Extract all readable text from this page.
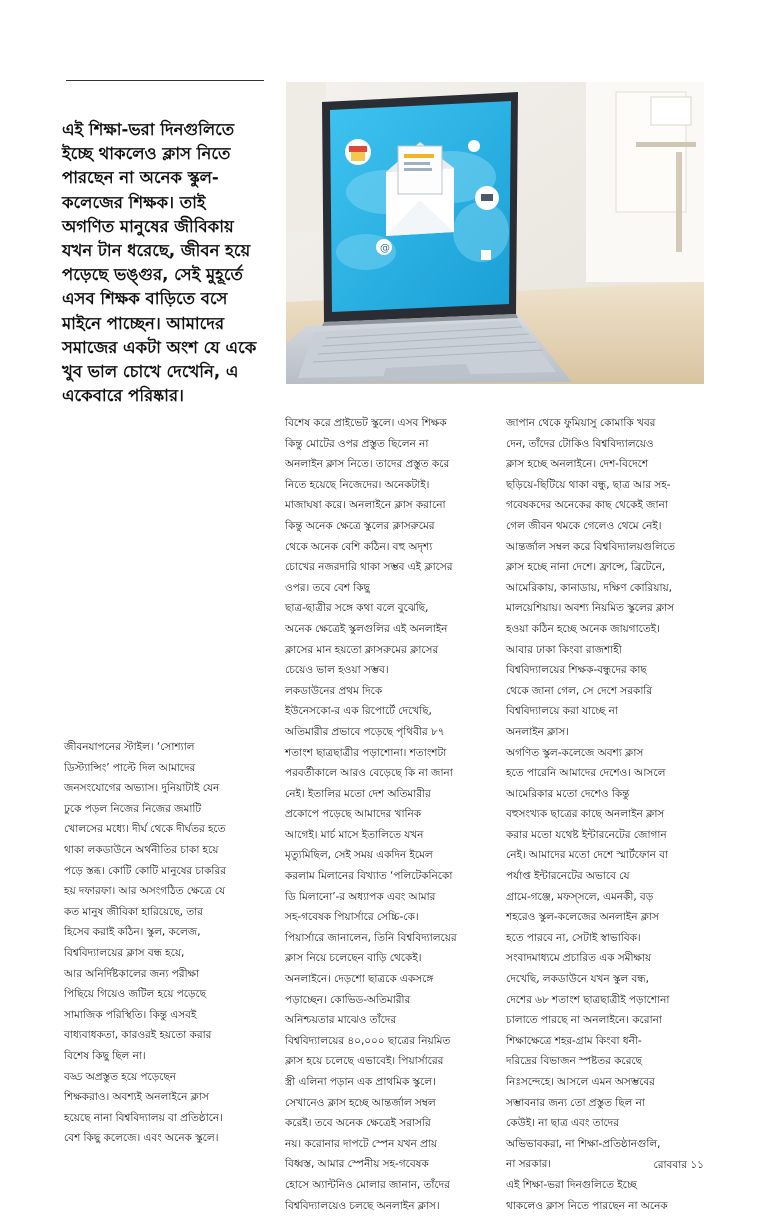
এই শিক্ষা-ভরা দিনগুলিতে
ইচ্ছে থাকলেও ক্লাস নিতে
পারছেন না অনেক স্কুল-
কলেজের শিক্ষক। তাই
অগণিত মানুষের জীবিকায়
যখন টান ধরেছে, জীবন হয়ে
পড়েছে ভঙ্গুর, সেই মুহূর্তে
এসব শিক্ষক বাড়িতে বসে
মাইনে পাচ্ছেন। আমাদের
সমাজের একটা অংশ যে একে
খুব ভাল চোখে দেখেনি, এ
একেবারে পরিষ্কার।

@

জীবনযাপনের স্টাইল। ‘সোশ্যাল
ডিস্ট্যান্সিং’ পাল্টে দিল আমাদের
জনসংযোগের অভ্যাস। দুনিয়াটাই যেন
ঢুকে পড়ল নিজের নিজের জমাটি
খোলসের মধ্যে। দীর্ঘ থেকে দীর্ঘতর হতে
থাকা লকডাউনে অর্থনীতির চাকা হয়ে
পড়ে স্তব্ধ। কোটি কোটি মানুষের চাকরির
হয় দফারফা। আর অসংগঠিত ক্ষেত্রে যে
কত মানুষ জীবিকা হারিয়েছে, তার
হিসেব করাই কঠিন। স্কুল, কলেজ,
বিশ্ববিদ্যালয়ের ক্লাস বন্ধ হয়ে,
আর অনির্দিষ্টকালের জন্য পরীক্ষা
পিছিয়ে গিয়েও জটিল হয়ে পড়েছে
সামাজিক পরিস্থিতি। কিন্তু এসবই
বাধ্যবাধকতা, কারওরই হয়তো করার
বিশেষ কিছু ছিল না।
বড্ড অপ্রস্তুত হয়ে পড়েছেন
শিক্ষকরাও। অবশ্যই অনলাইনে ক্লাস
হয়েছে নানা বিশ্ববিদ্যালয় বা প্রতিষ্ঠানে।
বেশ কিছু কলেজে। এবং অনেক স্কুলে।

বিশেষ করে প্রাইভেট স্কুলে। এসব শিক্ষক
কিন্তু মোটের ওপর প্রস্তুত ছিলেন না
অনলাইন ক্লাস নিতে। তাদের প্রস্তুত করে
নিতে হয়েছে নিজেদের। অনেকটাই।
মাজাঘষা করে। অনলাইনে ক্লাস করানো
কিন্তু অনেক ক্ষেত্রে স্কুলের ক্লাসরুমের
থেকে অনেক বেশি কঠিন। বহু অদৃশ্য
চোখের নজরদারি থাকা সম্ভব এই ক্লাসের
ওপর। তবে বেশ কিছু
ছাত্র-ছাত্রীর সঙ্গে কথা বলে বুঝেছি,
অনেক ক্ষেত্রেই স্কুলগুলির এই অনলাইন
ক্লাসের মান হয়তো ক্লাসরুমের ক্লাসের
চেয়েও ভাল হওয়া সম্ভব।
লকডাউনের প্রথম দিকে
ইউনেসকো-র এক রিপোর্টে দেখেছি,
অতিমারীর প্রভাবে পড়েছে পৃথিবীর ৮৭
শতাংশ ছাত্রছাত্রীর পড়াশোনা। শতাংশটা
পরবর্তীকালে আরও বেড়েছে কি না জানা
নেই। ইতালির মতো দেশ অতিমারীর
প্রকোপে পড়েছে আমাদের খানিক
আগেই। মার্চ মাসে ইতালিতে যখন
মৃত্যুমিছিল, সেই সময় একদিন ইমেল
করলাম মিলানের বিখ্যাত ‘পলিটেকনিকো
ডি মিলানো’-র অধ্যাপক এবং আমার
সহ-গবেষক পিয়ার্সারে সেচ্চি-কে।
পিয়ার্সারে জানালেন, তিনি বিশ্ববিদ্যালয়ের
ক্লাস নিয়ে চলেছেন বাড়ি থেকেই।
অনলাইনে। দেড়শো ছাত্রকে একসঙ্গে
পড়াচ্ছেন। কোভিড-অতিমারীর
অনিশ্চয়তার মাঝেও তাঁদের
বিশ্ববিদ্যালয়ের ৪০,০০০ ছাত্রের নিয়মিত
ক্লাস হয়ে চলেছে এভাবেই। পিয়ার্সারের
স্ত্রী এলিনা পড়ান এক প্রাথমিক স্কুলে।
সেখানেও ক্লাস হচ্ছে আন্তর্জাল সম্বল
করেই। তবে অনেক ক্ষেত্রেই সরাসরি
নয়। করোনার দাপটে স্পেন যখন প্রায়
বিধ্বস্ত, আমার স্পেনীয় সহ-গবেষক
হোসে অ্যান্টনিও মোলার জানান, তাঁদের
বিশ্ববিদ্যালয়েও চলছে অনলাইন ক্লাস।

জাপান থেকে ফুমিয়াসু কোমাকি খবর
দেন, তাঁদের টোকিও বিশ্ববিদ্যালয়েও
ক্লাস হচ্ছে অনলাইনে। দেশ-বিদেশে
ছড়িয়ে-ছিটিয়ে থাকা বন্ধু, ছাত্র আর সহ-
গবেষকদের অনেকের কাছ থেকেই জানা
গেল জীবন থমকে গেলেও থেমে নেই।
আন্তর্জাল সম্বল করে বিশ্ববিদ্যালয়গুলিতে
ক্লাস হচ্ছে নানা দেশে। ফ্রান্সে, ব্রিটেনে,
আমেরিকায়, কানাডায়, দক্ষিণ কোরিয়ায়,
মালয়েশিয়ায়। অবশ্য নিয়মিত স্কুলের ক্লাস
হওয়া কঠিন হচ্ছে অনেক জায়গাতেই।
আবার ঢাকা কিংবা রাজশাহী
বিশ্ববিদ্যালয়ের শিক্ষক-বন্ধুদের কাছ
থেকে জানা গেল, সে দেশে সরকারি
বিশ্ববিদ্যালয়ে করা যাচ্ছে না
অনলাইন ক্লাস।
অগণিত স্কুল-কলেজে অবশ্য ক্লাস
হতে পারেনি আমাদের দেশেও। আসলে
আমেরিকার মতো দেশেও কিন্তু
বহুসংখ্যক ছাত্রের কাছে অনলাইন ক্লাস
করার মতো যথেষ্ট ইন্টারনেটের জোগান
নেই। আমাদের মতো দেশে স্মার্টফোন বা
পর্যাপ্ত ইন্টারনেটের অভাবে যে
গ্রামে-গঞ্জে, মফস্সলে, এমনকী, বড়
শহরেও স্কুল-কলেজের অনলাইন ক্লাস
হতে পারবে না, সেটাই স্বাভাবিক।
সংবাদমাধ্যমে প্রচারিত এক সমীক্ষায়
দেখেছি, লকডাউনে যখন স্কুল বন্ধ,
দেশের ৬৮ শতাংশ ছাত্রছাত্রীই পড়াশোনা
চালাতে পারছে না অনলাইনে। করোনা
শিক্ষাক্ষেত্রে শহর-গ্রাম কিংবা ধনী-
দরিদ্রের বিভাজন স্পষ্টতর করেছে
নিঃসন্দেহে। আসলে এমন অসম্ভবের
সম্ভাবনার জন্য তো প্রস্তুত ছিল না
কেউই। না ছাত্র এবং তাদের
অভিভাবকরা, না শিক্ষা-প্রতিষ্ঠানগুলি,
না সরকার।
এই শিক্ষা-ভরা দিনগুলিতে ইচ্ছে
থাকলেও ক্লাস নিতে পারছেন না অনেক

রোববার ১১
